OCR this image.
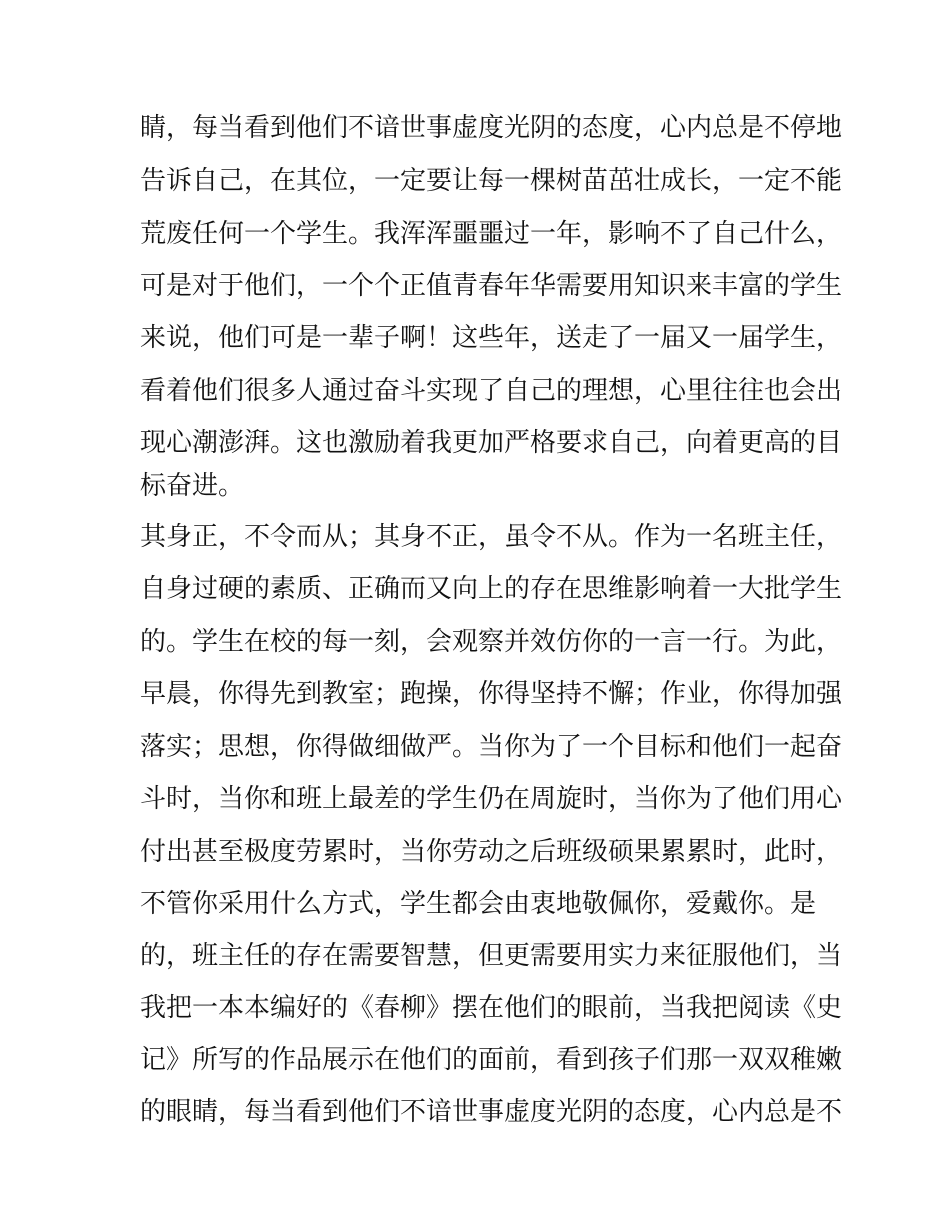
睛，每当看到他们不谙世事虚度光阴的态度，心内总是不停地

告诉自己，在其位，一定要让每一棵树苗茁壮成长，一定不能

荒废任何一个学生。我浑浑噩噩过一年，影响不了自己什么，

可是对于他们，一个个正值青春年华需要用知识来丰富的学生

来说，他们可是一辈子啊！这些年，送走了一届又一届学生，

看着他们很多人通过奋斗实现了自己的理想，心里往往也会出

现心潮澎湃。这也激励着我更加严格要求自己，向着更高的目

标奋进。

其身正，不令而从；其身不正，虽令不从。作为一名班主任，

自身过硬的素质、正确而又向上的存在思维影响着一大批学生

的。学生在校的每一刻，会观察并效仿你的一言一行。为此，

早晨，你得先到教室；跑操，你得坚持不懈；作业，你得加强

落实；思想，你得做细做严。当你为了一个目标和他们一起奋

斗时，当你和班上最差的学生仍在周旋时，当你为了他们用心

付出甚至极度劳累时，当你劳动之后班级硕果累累时，此时，

不管你采用什么方式，学生都会由衷地敬佩你，爱戴你。是

的，班主任的存在需要智慧，但更需要用实力来征服他们，当

我把一本本编好的《春柳》摆在他们的眼前，当我把阅读《史

记》所写的作品展示在他们的面前，看到孩子们那一双双稚嫩

的眼睛，每当看到他们不谙世事虚度光阴的态度，心内总是不
